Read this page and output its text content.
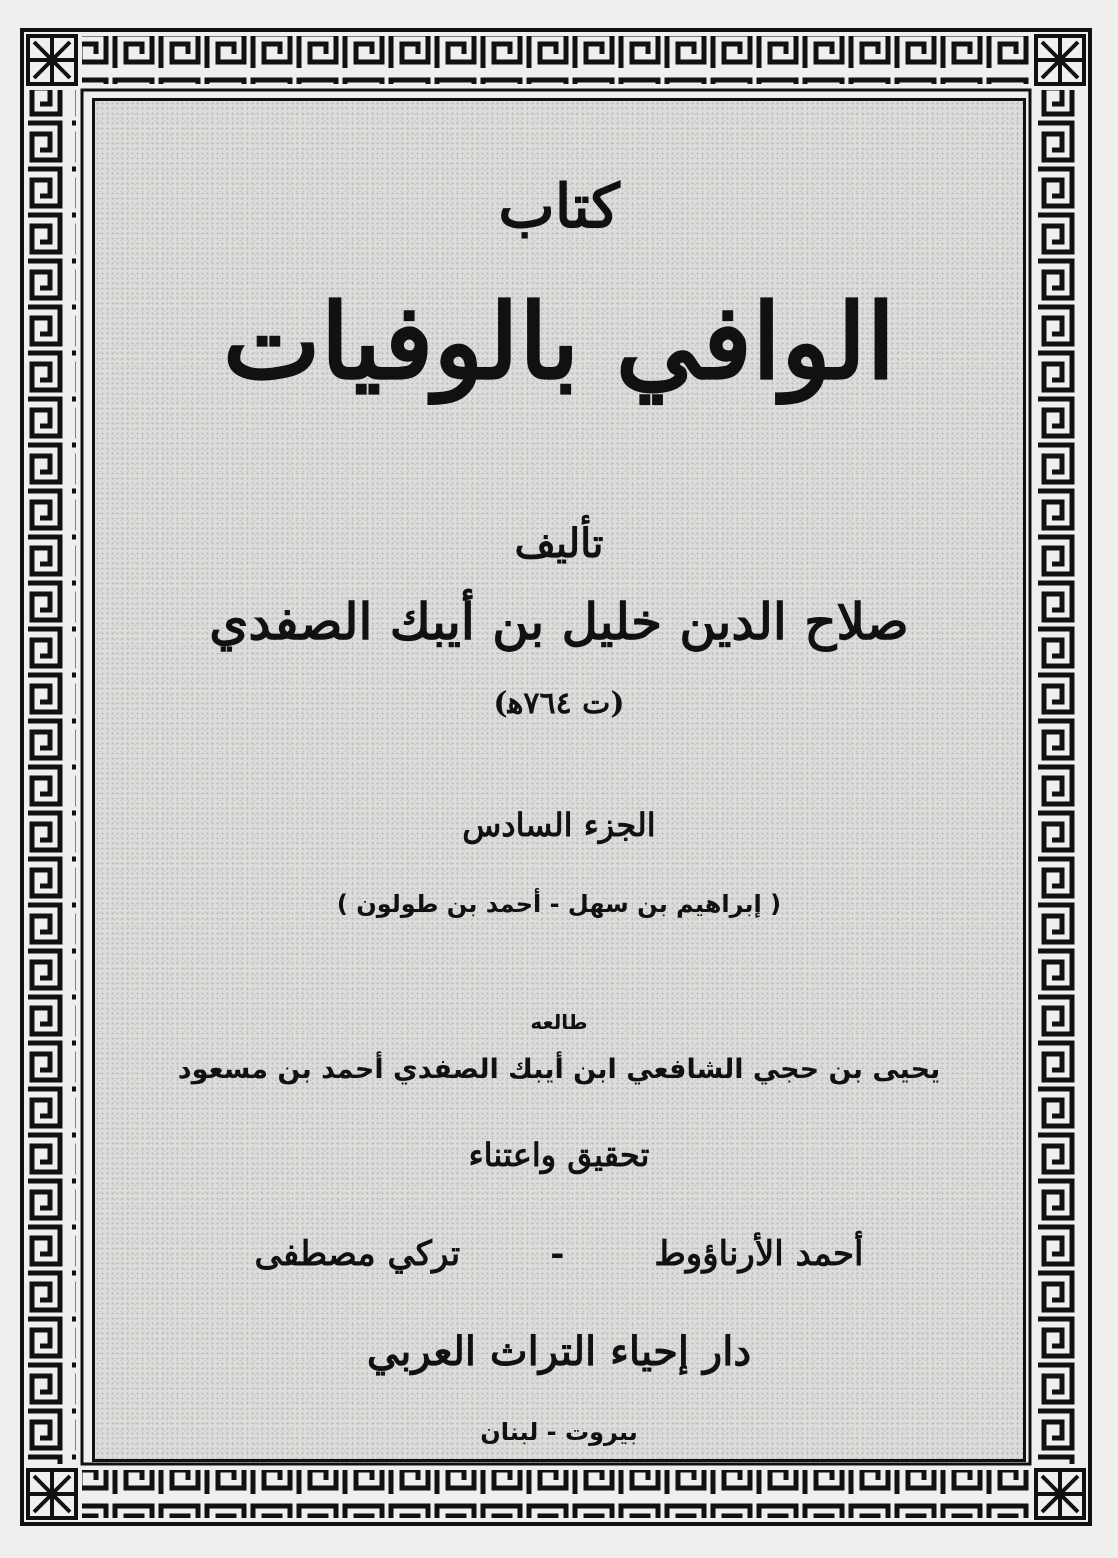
كتاب
الوافي بالوفيات
تأليف
صلاح الدين خليل بن أيبك الصفدي
(ت ٧٦٤ﻫ)
الجزء السادس
( إبراهيم بن سهل - أحمد بن طولون )
طالعه
يحيى بن حجي الشافعي ابن أيبك الصفدي أحمد بن مسعود
تحقيق واعتناء
أحمد الأرناؤوط-تركي مصطفى
دار إحياء التراث العربي
بيروت - لبنان
